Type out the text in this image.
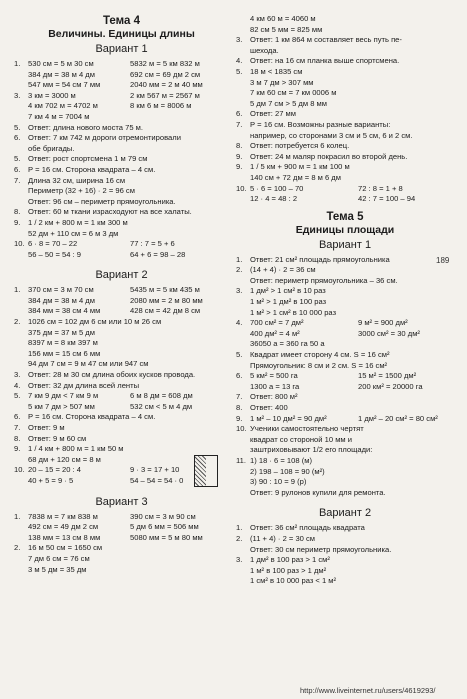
Тема 4
Величины. Единицы длины
Вариант 1
1. 530 см = 5 м 30 см	5832 м = 5 км 832 м
384 дм = 38 м 4 дм	692 см = 69 дм 2 см
547 мм = 54 см 7 мм	2040 мм = 2 м 40 мм
3. 3 км = 3000 м	2 км 567 м = 2567 м
4 км 702 м = 4702 м	8 км 6 м = 8006 м
7 км 4 м = 7004 м
5. Ответ: длина нового моста 75 м.
6. Ответ: 7 км 742 м дороги отремонтировали
обе бригады.
5. Ответ: рост спортсмена 1 м 79 см
6. Р = 16 см. Сторона квадрата – 4 см.
7. Длина 32 см, ширина 16 см
Периметр (32 + 16) · 2 = 96 см
Ответ: 96 см – периметр прямоугольника.
8. Ответ: 60 м ткани израсходуют на все халаты.
9. 1 / 2 км + 800 м = 1 км 300 м
52 дм + 110 см = 6 м 3 дм
10. 6 · 8 = 70 – 22	77 : 7 = 5 + 6
56 – 50 = 54 : 9	64 + 6 = 98 – 28
Вариант 2
1. 370 см = 3 м 70 см	5435 м = 5 км 435 м
384 дм = 38 м 4 дм	2080 мм = 2 м 80 мм
384 мм = 38 см 4 мм	428 см = 42 дм 8 см
2. 1026 см = 102 дм 6 см или 10 м 26 см
375 дм = 37 м 5 дм
8397 м = 8 км 397 м
156 мм = 15 см 6 мм
94 дм 7 см = 9 м 47 см или 947 см
3. Ответ: 28 м 30 см длина обоих кусков провода.
4. Ответ: 32 дм длина всей ленты
5. 7 км 9 дм < 7 км 9 м	6 м 8 дм = 608 дм
5 км 7 дм > 507 мм	532 см < 5 м 4 дм
6. Р = 16 см. Сторона квадрата – 4 см.
7. Ответ: 9 м
8. Ответ: 9 м 60 см
9. 1 / 4 км + 800 м = 1 км 50 м
68 дм + 120 см = 8 м
10. 20 – 15 = 20 : 4	9 · 3 = 17 + 10
40 + 5 = 9 · 5	54 – 54 = 54 · 0
Вариант 3
1. 7838 м = 7 км 838 м	390 см = 3 м 90 см
492 см = 49 дм 2 см	5 дм 6 мм = 506 мм
138 мм = 13 см 8 мм	5080 мм = 5 м 80 мм
2. 16 м 50 см = 1650 см
7 дм 6 см = 76 см
3 м 5 дм = 35 дм
4 км 60 м = 4060 м
82 см 5 мм = 825 мм
3. Ответ: 1 км 864 м составляет весь путь пе-
шехода.
4. Ответ: на 16 см планка выше спортсмена.
5. 18 м < 1835 см
3 м 7 дм > 307 мм
7 км 60 см = 7 км 0006 м
5 дм 7 см > 5 дм 8 мм
6. Ответ: 27 мм
7. Р = 16 см. Возможны разные варианты:
например, со сторонами 3 см и 5 см, 6 и 2 см.
8. Ответ: потребуется 6 колец.
9. Ответ: 24 м маляр покрасил во второй день.
9. 1 / 5 км + 900 м = 1 км 100 м
140 см + 72 дм = 8 м 6 дм
10. 5 · 6 = 100 – 70	72 : 8 = 1 + 8
12 · 4 = 48 : 2	42 : 7 = 100 – 94
Тема 5
Единицы площади
Вариант 1
1. Ответ: 21 см² площадь прямоугольника
2. (14 + 4) · 2 = 36 см
Ответ: периметр прямоугольника – 36 см.
3. 1 дм² > 1 см² в 10 раз
1 м² > 1 дм² в 100 раз
1 м² > 1 см² в 10 000 раз
4. 700 см² = 7 дм²	9 м² = 900 дм²
400 дм² = 4 м²	3000 см² = 30 дм²
36050 а = 360 га 50 а
5. Квадрат имеет сторону 4 см. S = 16 см²
Прямоугольник: 8 см и 2 см. S = 16 см²
6. 5 км² = 500 га	15 м² = 1500 дм²
1300 а = 13 га	200 км² = 20000 га
7. Ответ: 800 м²
8. Ответ: 400
9. 1 м² – 10 дм² = 90 дм²	1 дм² – 20 см² = 80 см²
10. Ученики самостоятельно чертят
квадрат со стороной 10 мм и
заштриховывают 1/2 его площади:
11. 1) 18 · 6 = 108 (м)
2) 198 – 108 = 90 (м²)
3) 90 : 10 = 9 (р)
Ответ: 9 рулонов купили для ремонта.
Вариант 2
1. Ответ: 36 см² площадь квадрата
2. (11 + 4) · 2 = 30 см
Ответ: 30 см периметр прямоугольника.
3. 1 дм² в 100 раз > 1 см²
1 м² в 100 раз > 1 дм²
1 см² в 10 000 раз < 1 м²
189
http://www.liveinternet.ru/users/4619293/
